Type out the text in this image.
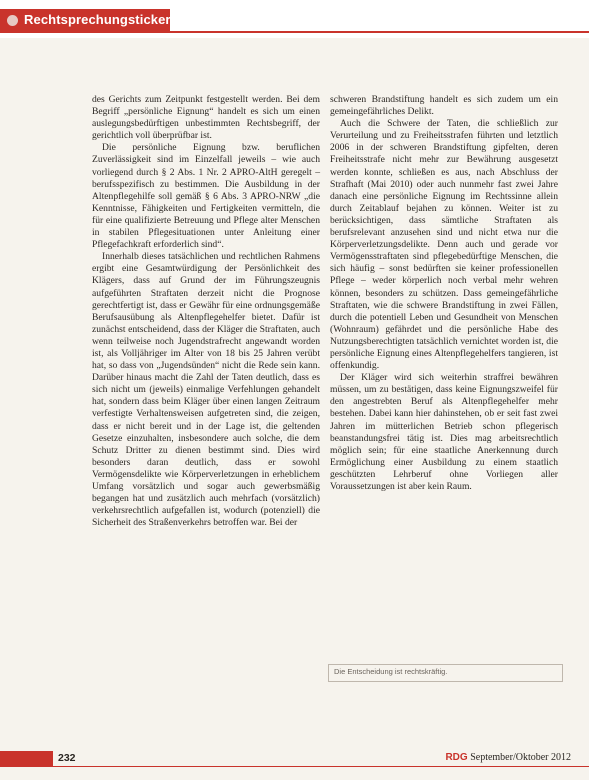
Rechtsprechungsticker

des Gerichts zum Zeitpunkt festgestellt werden. Bei dem Begriff „persönliche Eignung“ handelt es sich um einen auslegungsbedürftigen unbestimmten Rechtsbegriff, der gerichtlich voll überprüfbar ist.

Die persönliche Eignung bzw. beruflichen Zuverlässigkeit sind im Einzelfall jeweils – wie auch vorliegend durch § 2 Abs. 1 Nr. 2 APRO-AltH geregelt – berufsspezifisch zu bestimmen. Die Ausbildung in der Altenpflegehilfe soll gemäß § 6 Abs. 3 APRO-NRW „die Kenntnisse, Fähigkeiten und Fertigkeiten vermitteln, die für eine qualifizierte Betreuung und Pflege alter Menschen in stabilen Pflegesituationen unter Anleitung einer Pflegefachkraft erforderlich sind“.

Innerhalb dieses tatsächlichen und rechtlichen Rahmens ergibt eine Gesamtwürdigung der Persönlichkeit des Klägers, dass auf Grund der im Führungszeugnis aufgeführten Straftaten derzeit nicht die Prognose gerechtfertigt ist, dass er Gewähr für eine ordnungsgemäße Berufsausübung als Altenpflegehelfer bietet. Dafür ist zunächst entscheidend, dass der Kläger die Straftaten, auch wenn teilweise noch Jugendstrafrecht angewandt worden ist, als Volljähriger im Alter von 18 bis 25 Jahren verübt hat, so dass von „Jugendsünden“ nicht die Rede sein kann. Darüber hinaus macht die Zahl der Taten deutlich, dass es sich nicht um (jeweils) einmalige Verfehlungen gehandelt hat, sondern dass beim Kläger über einen langen Zeitraum verfestigte Verhaltensweisen aufgetreten sind, die zeigen, dass er nicht bereit und in der Lage ist, die geltenden Gesetze einzuhalten, insbesondere auch solche, die dem Schutz Dritter zu dienen bestimmt sind. Dies wird besonders daran deutlich, dass er sowohl Vermögensdelikte wie Körperverletzungen in erheblichem Umfang vorsätzlich und sogar auch gewerbsmäßig begangen hat und zusätzlich auch mehrfach (vorsätzlich) verkehrsrechtlich aufgefallen ist, wodurch (potenziell) die Sicherheit des Straßenverkehrs betroffen war. Bei der

schweren Brandstiftung handelt es sich zudem um ein gemeingefährliches Delikt.

Auch die Schwere der Taten, die schließlich zur Verurteilung und zu Freiheitsstrafen führten und letztlich 2006 in der schweren Brandstiftung gipfelten, deren Freiheitsstrafe nicht mehr zur Bewährung ausgesetzt werden konnte, schließen es aus, nach Abschluss der Strafhaft (Mai 2010) oder auch nunmehr fast zwei Jahre danach eine persönliche Eignung im Rechtssinne allein durch Zeitablauf bejahen zu können. Weiter ist zu berücksichtigen, dass sämtliche Straftaten als berufsrelevant anzusehen sind und nicht etwa nur die Körperverletzungsdelikte. Denn auch und gerade vor Vermögensstraftaten sind pflegebedürftige Menschen, die sich häufig – sonst bedürften sie keiner professionellen Pflege – weder körperlich noch verbal mehr wehren können, besonders zu schützen. Dass gemeingefährliche Straftaten, wie die schwere Brandstiftung in zwei Fällen, durch die potentiell Leben und Gesundheit von Menschen (Wohnraum) gefährdet und die persönliche Habe des Nutzungsberechtigten tatsächlich vernichtet worden ist, die persönliche Eignung eines Altenpflegehelfers tangieren, ist offenkundig.

Der Kläger wird sich weiterhin straffrei bewähren müssen, um zu bestätigen, dass keine Eignungszweifel für den angestrebten Beruf als Altenpflegehelfer mehr bestehen. Dabei kann hier dahinstehen, ob er seit fast zwei Jahren im mütterlichen Betrieb schon pflegerisch beanstandungsfrei tätig ist. Dies mag arbeitsrechtlich möglich sein; für eine staatliche Anerkennung durch Ermöglichung einer Ausbildung zu einem staatlich geschützten Lehrberuf ohne Vorliegen aller Voraussetzungen ist aber kein Raum.

Die Entscheidung ist rechtskräftig.
232	RDG September/Oktober 2012
